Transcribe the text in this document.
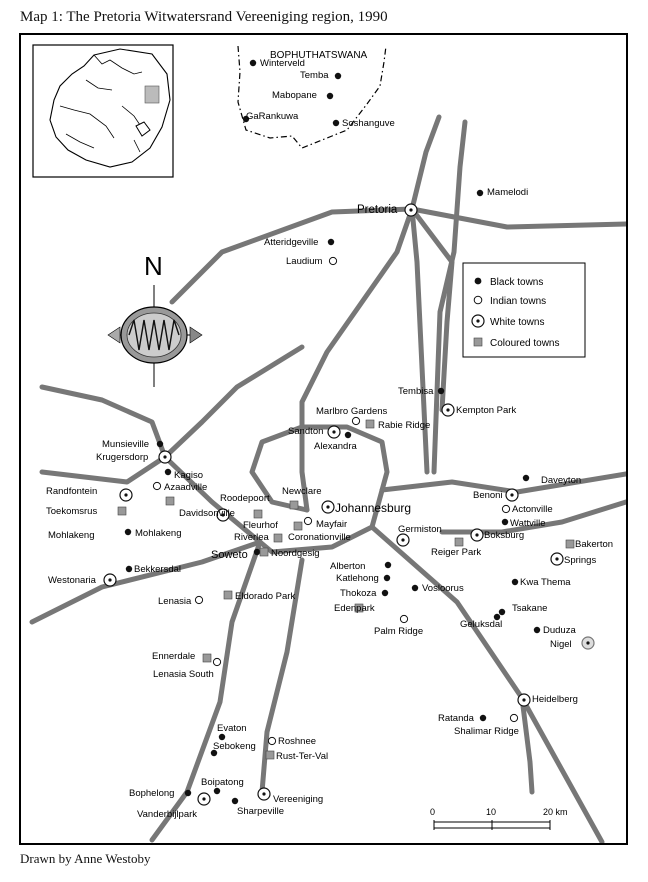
Map 1: The Pretoria Witwatersrand Vereeniging region, 1990
BOPHUTHATSWANA
N
Black towns
Indian towns
White towns
Coloured towns
0	10	20 km
Winterveld
Temba
Mabopane
GaRankuwa
Soshanguve
Mamelodi
Pretoria
Atteridgeville
Laudium
Tembisa
Kempton Park
Marlbro Gardens
Rabie Ridge
Sandton
Alexandra
Munsieville
Krugersdorp
Kagiso
Azaadville
Randfontein
Toekomsrus	Davidsonville
Roodepoort
Newclare
Johannesburg
Mayfair
Fleurhof
Riverlea Coronationville
Mohlakeng	Mohlakeng
Soweto Noordgesig
Westonaria
Bekkersdal
Lenasia	Eldorado Park
Germiston
Benoni
Actonville
Daveyton
Wattville
Boksburg
Reiger Park
Bakerton
Springs
Alberton
Katlehong
Thokoza	Vosloorus
Edenpark
Palm Ridge
Kwa Thema
Tsakane
Geluksdal
Duduza
Nigel
Ennerdale
Lenasia South
Heidelberg
Ratanda
Shalimar Ridge
Evaton
Sebokeng Roshnee
Rust-Ter-Val
Boipatong
Bophelong
Vanderbijlpark	Sharpeville
Vereeniging
Drawn by Anne Westoby
